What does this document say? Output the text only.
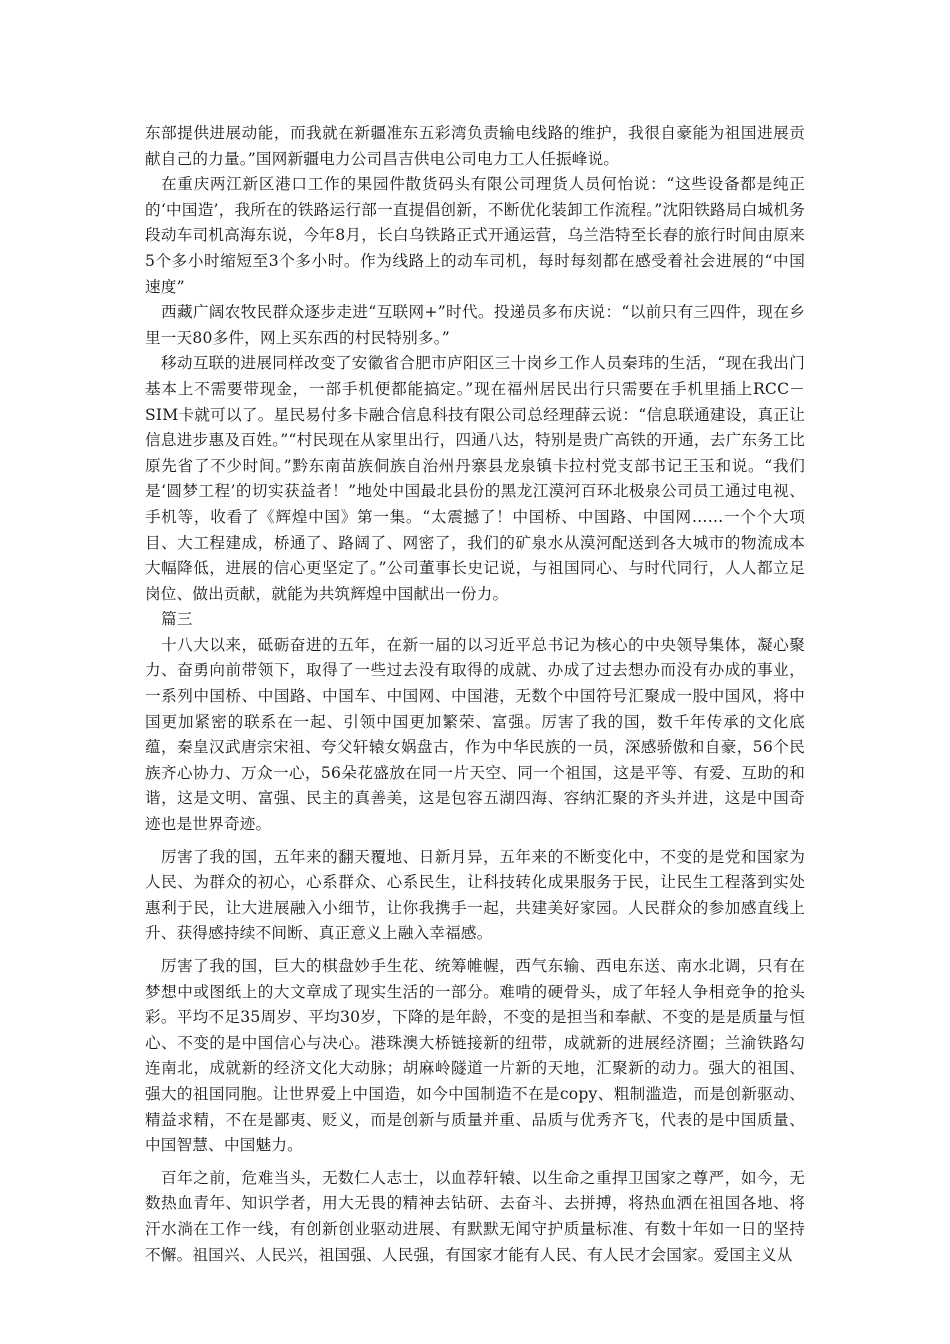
东部提供进展动能，而我就在新疆准东五彩湾负责输电线路的维护，我很自豪能为祖国进展贡献自己的力量。”国网新疆电力公司昌吉供电公司电力工人任振峰说。

在重庆两江新区港口工作的果园件散货码头有限公司理货人员何怡说：“这些设备都是纯正的‘中国造’，我所在的铁路运行部一直提倡创新，不断优化装卸工作流程。”沈阳铁路局白城机务段动车司机高海东说，今年8月，长白乌铁路正式开通运营，乌兰浩特至长春的旅行时间由原来5个多小时缩短至3个多小时。作为线路上的动车司机，每时每刻都在感受着社会进展的“中国速度”

西藏广阔农牧民群众逐步走进“互联网+”时代。投递员多布庆说：“以前只有三四件，现在乡里一天80多件，网上买东西的村民特别多。”

移动互联的进展同样改变了安徽省合肥市庐阳区三十岗乡工作人员秦玮的生活，“现在我出门基本上不需要带现金，一部手机便都能搞定。”现在福州居民出行只需要在手机里插上RCC－SIM卡就可以了。星民易付多卡融合信息科技有限公司总经理薛云说：“信息联通建设，真正让信息进步惠及百姓。”“村民现在从家里出行，四通八达，特别是贵广高铁的开通，去广东务工比原先省了不少时间。”黔东南苗族侗族自治州丹寨县龙泉镇卡拉村党支部书记王玉和说。“我们是‘圆梦工程’的切实获益者！”地处中国最北县份的黑龙江漠河百环北极泉公司员工通过电视、手机等，收看了《辉煌中国》第一集。“太震撼了！中国桥、中国路、中国网……一个个大项目、大工程建成，桥通了、路阔了、网密了，我们的矿泉水从漠河配送到各大城市的物流成本大幅降低，进展的信心更坚定了。”公司董事长史记说，与祖国同心、与时代同行，人人都立足岗位、做出贡献，就能为共筑辉煌中国献出一份力。

篇三

十八大以来，砥砺奋进的五年，在新一届的以习近平总书记为核心的中央领导集体，凝心聚力、奋勇向前带领下，取得了一些过去没有取得的成就、办成了过去想办而没有办成的事业，一系列中国桥、中国路、中国车、中国网、中国港，无数个中国符号汇聚成一股中国风，将中国更加紧密的联系在一起、引领中国更加繁荣、富强。厉害了我的国，数千年传承的文化底蕴，秦皇汉武唐宗宋祖、夸父轩辕女娲盘古，作为中华民族的一员，深感骄傲和自豪，56个民族齐心协力、万众一心，56朵花盛放在同一片天空、同一个祖国，这是平等、有爱、互助的和谐，这是文明、富强、民主的真善美，这是包容五湖四海、容纳汇聚的齐头并进，这是中国奇迹也是世界奇迹。

厉害了我的国，五年来的翻天覆地、日新月异，五年来的不断变化中，不变的是党和国家为人民、为群众的初心，心系群众、心系民生，让科技转化成果服务于民，让民生工程落到实处惠利于民，让大进展融入小细节，让你我携手一起，共建美好家园。人民群众的参加感直线上升、获得感持续不间断、真正意义上融入幸福感。

厉害了我的国，巨大的棋盘妙手生花、统筹帷幄，西气东输、西电东送、南水北调，只有在梦想中或图纸上的大文章成了现实生活的一部分。难啃的硬骨头，成了年轻人争相竞争的抢头彩。平均不足35周岁、平均30岁，下降的是年龄，不变的是担当和奉献、不变的是是质量与恒心、不变的是中国信心与决心。港珠澳大桥链接新的纽带，成就新的进展经济圈；兰渝铁路勾连南北，成就新的经济文化大动脉；胡麻岭隧道一片新的天地，汇聚新的动力。强大的祖国、强大的祖国同胞。让世界爱上中国造，如今中国制造不在是copy、粗制滥造，而是创新驱动、精益求精，不在是鄙夷、贬义，而是创新与质量并重、品质与优秀齐飞，代表的是中国质量、中国智慧、中国魅力。

百年之前，危难当头，无数仁人志士，以血荐轩辕、以生命之重捍卫国家之尊严，如今，无数热血青年、知识学者，用大无畏的精神去钻研、去奋斗、去拼搏，将热血洒在祖国各地、将汗水淌在工作一线，有创新创业驱动进展、有默默无闻守护质量标准、有数十年如一日的坚持不懈。祖国兴、人民兴，祖国强、人民强，有国家才能有人民、有人民才会国家。爱国主义从
